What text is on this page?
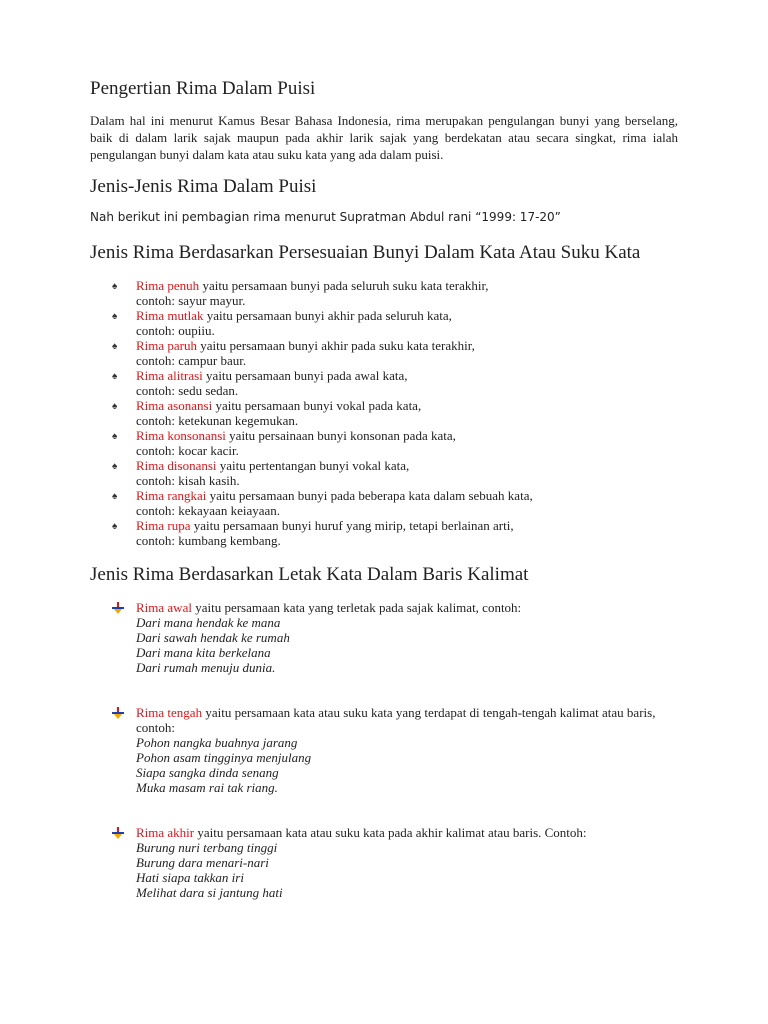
Pengertian Rima Dalam Puisi
Dalam hal ini menurut Kamus Besar Bahasa Indonesia, rima merupakan pengulangan bunyi yang berselang, baik di dalam larik sajak maupun pada akhir larik sajak yang berdekatan atau secara singkat, rima ialah pengulangan bunyi dalam kata atau suku kata yang ada dalam puisi.
Jenis-Jenis Rima Dalam Puisi
Nah berikut ini pembagian rima menurut Supratman Abdul rani “1999: 17-20”
Jenis Rima Berdasarkan Persesuaian Bunyi Dalam Kata Atau Suku Kata
♠ Rima penuh yaitu persamaan bunyi pada seluruh suku kata terakhir,
contoh: sayur mayur.
♠ Rima mutlak yaitu persamaan bunyi akhir pada seluruh kata,
contoh: oupiiu.
♠ Rima paruh yaitu persamaan bunyi akhir pada suku kata terakhir,
contoh: campur baur.
♠ Rima alitrasi yaitu persamaan bunyi pada awal kata,
contoh: sedu sedan.
♠ Rima asonansi yaitu persamaan bunyi vokal pada kata,
contoh: ketekunan kegemukan.
♠ Rima konsonansi yaitu persainaan bunyi konsonan pada kata,
contoh: kocar kacir.
♠ Rima disonansi yaitu pertentangan bunyi vokal kata,
contoh: kisah kasih.
♠ Rima rangkai yaitu persamaan bunyi pada beberapa kata dalam sebuah kata,
contoh: kekayaan keiayaan.
♠ Rima rupa yaitu persamaan bunyi huruf yang mirip, tetapi berlainan arti,
contoh: kumbang kembang.
Jenis Rima Berdasarkan Letak Kata Dalam Baris Kalimat
Rima awal yaitu persamaan kata yang terletak pada sajak kalimat, contoh:
Dari mana hendak ke mana
Dari sawah hendak ke rumah
Dari mana kita berkelana
Dari rumah menuju dunia.
Rima tengah yaitu persamaan kata atau suku kata yang terdapat di tengah-tengah kalimat atau baris, contoh:
Pohon nangka buahnya jarang
Pohon asam tingginya menjulang
Siapa sangka dinda senang
Muka masam rai tak riang.
Rima akhir yaitu persamaan kata atau suku kata pada akhir kalimat atau baris. Contoh:
Burung nuri terbang tinggi
Burung dara menari-nari
Hati siapa takkan iri
Melihat dara si jantung hati
